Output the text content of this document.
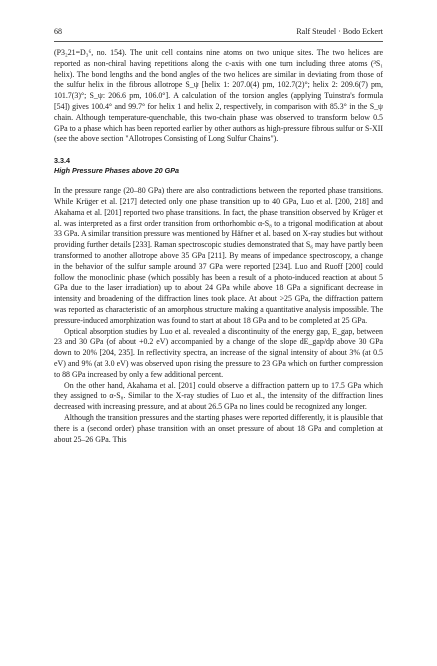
68	Ralf Steudel · Bodo Eckert

(P3₂21=D₃⁶, no. 154). The unit cell contains nine atoms on two unique sites. The two helices are reported as non-chiral having repetitions along the c-axis with one turn including three atoms (³S₁ helix). The bond lengths and the bond angles of the two helices are similar in deviating from those of the sulfur helix in the fibrous allotrope S_ψ [helix 1: 207.0(4) pm, 102.7(2)°; helix 2: 209.6(7) pm, 101.7(3)°; S_ψ: 206.6 pm, 106.0°]. A calculation of the torsion angles (applying Tuinstra's formula [54]) gives 100.4° and 99.7° for helix 1 and helix 2, respectively, in comparison with 85.3° in the S_ψ chain. Although temperature-quenchable, this two-chain phase was observed to transform below 0.5 GPa to a phase which has been reported earlier by other authors as high-pressure fibrous sulfur or S-XII (see the above section "Allotropes Consisting of Long Sulfur Chains").

3.3.4

High Pressure Phases above 20 GPa

In the pressure range (20–80 GPa) there are also contradictions between the reported phase transitions. While Krüger et al. [217] detected only one phase transition up to 40 GPa, Luo et al. [200, 218] and Akahama et al. [201] reported two phase transitions. In fact, the phase transition observed by Krüger et al. was interpreted as a first order transition from orthorhombic α-S₈ to a trigonal modification at about 33 GPa. A similar transition pressure was mentioned by Häfner et al. based on X-ray studies but without providing further details [233]. Raman spectroscopic studies demonstrated that S₆ may have partly been transformed to another allotrope above 35 GPa [211]. By means of impedance spectroscopy, a change in the behavior of the sulfur sample around 37 GPa were reported [234]. Luo and Ruoff [200] could follow the monoclinic phase (which possibly has been a result of a photo-induced reaction at about 5 GPa due to the laser irradiation) up to about 24 GPa while above 18 GPa a significant decrease in intensity and broadening of the diffraction lines took place. At about >25 GPa, the diffraction pattern was reported as characteristic of an amorphous structure making a quantitative analysis impossible. The pressure-induced amorphization was found to start at about 18 GPa and to be completed at 25 GPa.

Optical absorption studies by Luo et al. revealed a discontinuity of the energy gap, E_gap, between 23 and 30 GPa (of about +0.2 eV) accompanied by a change of the slope dE_gap/dp above 30 GPa down to 20% [204, 235]. In reflectivity spectra, an increase of the signal intensity of about 3% (at 0.5 eV) and 9% (at 3.0 eV) was observed upon rising the pressure to 23 GPa which on further compression to 88 GPa increased by only a few additional percent.

On the other hand, Akahama et al. [201] could observe a diffraction pattern up to 17.5 GPa which they assigned to α-S₈. Similar to the X-ray studies of Luo et al., the intensity of the diffraction lines decreased with increasing pressure, and at about 26.5 GPa no lines could be recognized any longer.

Although the transition pressures and the starting phases were reported differently, it is plausible that there is a (second order) phase transition with an onset pressure of about 18 GPa and completion at about 25–26 GPa. This
